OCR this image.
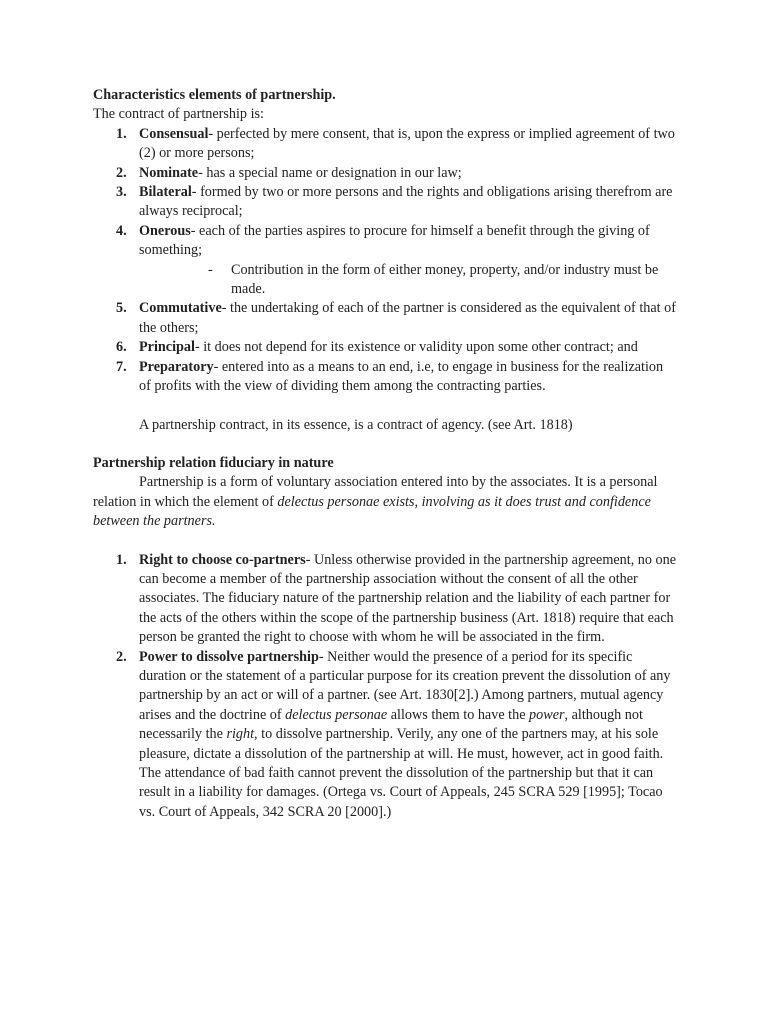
Characteristics elements of partnership.

The contract of partnership is:

1. Consensual- perfected by mere consent, that is, upon the express or implied agreement of two (2) or more persons;
2. Nominate- has a special name or designation in our law;
3. Bilateral- formed by two or more persons and the rights and obligations arising therefrom are always reciprocal;
4. Onerous- each of the parties aspires to procure for himself a benefit through the giving of something;
- Contribution in the form of either money, property, and/or industry must be made.
5. Commutative- the undertaking of each of the partner is considered as the equivalent of that of the others;
6. Principal- it does not depend for its existence or validity upon some other contract; and
7. Preparatory- entered into as a means to an end, i.e, to engage in business for the realization of profits with the view of dividing them among the contracting parties.

A partnership contract, in its essence, is a contract of agency. (see Art. 1818)

Partnership relation fiduciary in nature

Partnership is a form of voluntary association entered into by the associates. It is a personal relation in which the element of delectus personae exists, involving as it does trust and confidence between the partners.

1. Right to choose co-partners- Unless otherwise provided in the partnership agreement, no one can become a member of the partnership association without the consent of all the other associates. The fiduciary nature of the partnership relation and the liability of each partner for the acts of the others within the scope of the partnership business (Art. 1818) require that each person be granted the right to choose with whom he will be associated in the firm.
2. Power to dissolve partnership- Neither would the presence of a period for its specific duration or the statement of a particular purpose for its creation prevent the dissolution of any partnership by an act or will of a partner. (see Art. 1830[2].) Among partners, mutual agency arises and the doctrine of delectus personae allows them to have the power, although not necessarily the right, to dissolve partnership. Verily, any one of the partners may, at his sole pleasure, dictate a dissolution of the partnership at will. He must, however, act in good faith. The attendance of bad faith cannot prevent the dissolution of the partnership but that it can result in a liability for damages. (Ortega vs. Court of Appeals, 245 SCRA 529 [1995]; Tocao vs. Court of Appeals, 342 SCRA 20 [2000].)
